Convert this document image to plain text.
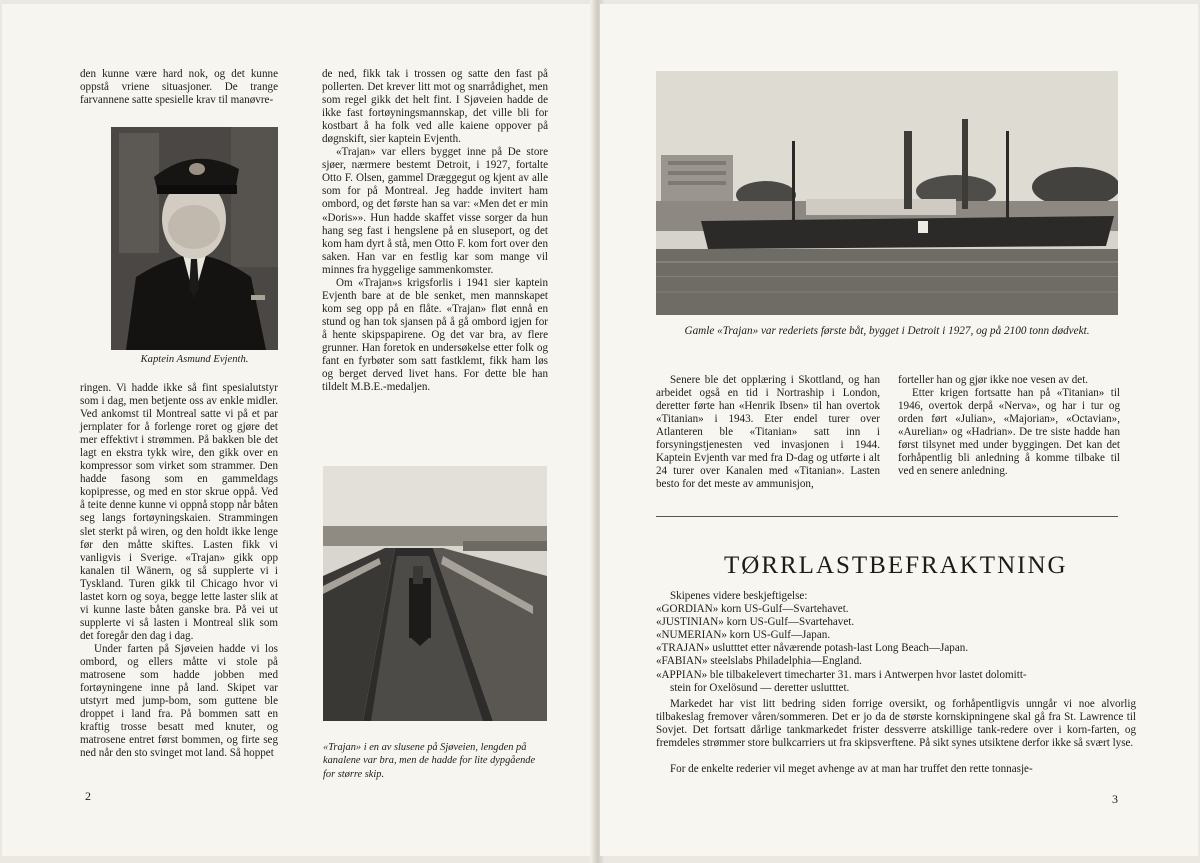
den kunne være hard nok, og det kunne oppstå vriene situasjoner. De trange farvannene satte spesielle krav til manøvre-

Kaptein Asmund Evjenth.

ringen. Vi hadde ikke så fint spesialutstyr som i dag, men betjente oss av enkle midler. Ved ankomst til Montreal satte vi på et par jernplater for å forlenge roret og gjøre det mer effektivt i strømmen. På bakken ble det lagt en ekstra tykk wire, den gikk over en kompressor som virket som strammer. Den hadde fasong som en gammeldags kopipresse, og med en stor skrue oppå. Ved å teite denne kunne vi oppnå stopp når båten seg langs fortøyningskaien. Strammingen slet sterkt på wiren, og den holdt ikke lenge før den måtte skiftes. Lasten fikk vi vanligvis i Sverige. «Trajan» gikk opp kanalen til Wänern, og så supplerte vi i Tyskland. Turen gikk til Chicago hvor vi lastet korn og soya, begge lette laster slik at vi kunne laste båten ganske bra. På vei ut supplerte vi så lasten i Montreal slik som det foregår den dag i dag.

Under farten på Sjøveien hadde vi los ombord, og ellers måtte vi stole på matrosene som hadde jobben med fortøyningene inne på land. Skipet var utstyrt med jump-bom, som guttene ble droppet i land fra. På bommen satt en kraftig trosse besatt med knuter, og matrosene entret først bommen, og firte seg ned når den sto svinget mot land. Så hoppet

de ned, fikk tak i trossen og satte den fast på pollerten. Det krever litt mot og snarrådighet, men som regel gikk det helt fint. I Sjøveien hadde de ikke fast fortøyningsmannskap, det ville bli for kostbart å ha folk ved alle kaiene oppover på døgnskift, sier kaptein Evjenth.

«Trajan» var ellers bygget inne på De store sjøer, nærmere bestemt Detroit, i 1927, fortalte Otto F. Olsen, gammel Dræggegut og kjent av alle som for på Montreal. Jeg hadde invitert ham ombord, og det første han sa var: «Men det er min «Doris»». Hun hadde skaffet visse sorger da hun hang seg fast i hengslene på en sluseport, og det kom ham dyrt å stå, men Otto F. kom fort over den saken. Han var en festlig kar som mange vil minnes fra hyggelige sammenkomster.

Om «Trajan»s krigsforlis i 1941 sier kaptein Evjenth bare at de ble senket, men mannskapet kom seg opp på en flåte. «Trajan» fløt ennå en stund og han tok sjansen på å gå ombord igjen for å hente skipspapirene. Og det var bra, av flere grunner. Han foretok en undersøkelse etter folk og fant en fyrbøter som satt fastklemt, fikk ham løs og berget derved livet hans. For dette ble han tildelt M.B.E.-medaljen.

«Trajan» i en av slusene på Sjøveien, lengden på kanalene var bra, men de hadde for lite dypgående for større skip.
2
Gamle «Trajan» var rederiets første båt, bygget i Detroit i 1927, og på 2100 tonn dødvekt.

Senere ble det opplæring i Skottland, og han arbeidet også en tid i Nortraship i London, deretter førte han «Henrik Ibsen» til han overtok «Titanian» i 1943. Eter endel turer over Atlanteren ble «Titanian» satt inn i forsyningstjenesten ved invasjonen i 1944. Kaptein Evjenth var med fra D-dag og utførte i alt 24 turer over Kanalen med «Titanian». Lasten besto for det meste av ammunisjon,

forteller han og gjør ikke noe vesen av det.

Etter krigen fortsatte han på «Titanian» til 1946, overtok derpå «Nerva», og har i tur og orden ført «Julian», «Majorian», «Octavian», «Aurelian» og «Hadrian». De tre siste hadde han først tilsynet med under byggingen. Det kan det forhåpentlig bli anledning å komme tilbake til ved en senere anledning.

TØRRLASTBEFRAKTNING
Skipenes videre beskjeftigelse:
«GORDIAN» korn US-Gulf—Svartehavet.
«JUSTINIAN» korn US-Gulf—Svartehavet.
«NUMERIAN» korn US-Gulf—Japan.
«TRAJAN» uslutttet etter nåværende potash-last Long Beach—Japan.
«FABIAN» steelslabs Philadelphia—England.
«APPIAN» ble tilbakelevert timecharter 31. mars i Antwerpen hvor lastet dolomitt-
stein for Oxelösund — deretter uslutttet.
Markedet har vist litt bedring siden forrige oversikt, og forhåpentligvis unngår vi noe alvorlig tilbakeslag fremover våren/sommeren. Det er jo da de største kornskipningene skal gå fra St. Lawrence til Sovjet. Det fortsatt dårlige tankmarkedet frister dessverre atskillige tank-redere over i korn-farten, og fremdeles strømmer store bulkcarriers ut fra skipsverftene. På sikt synes utsiktene derfor ikke så svært lyse.
For de enkelte rederier vil meget avhenge av at man har truffet den rette tonnasje-
3
